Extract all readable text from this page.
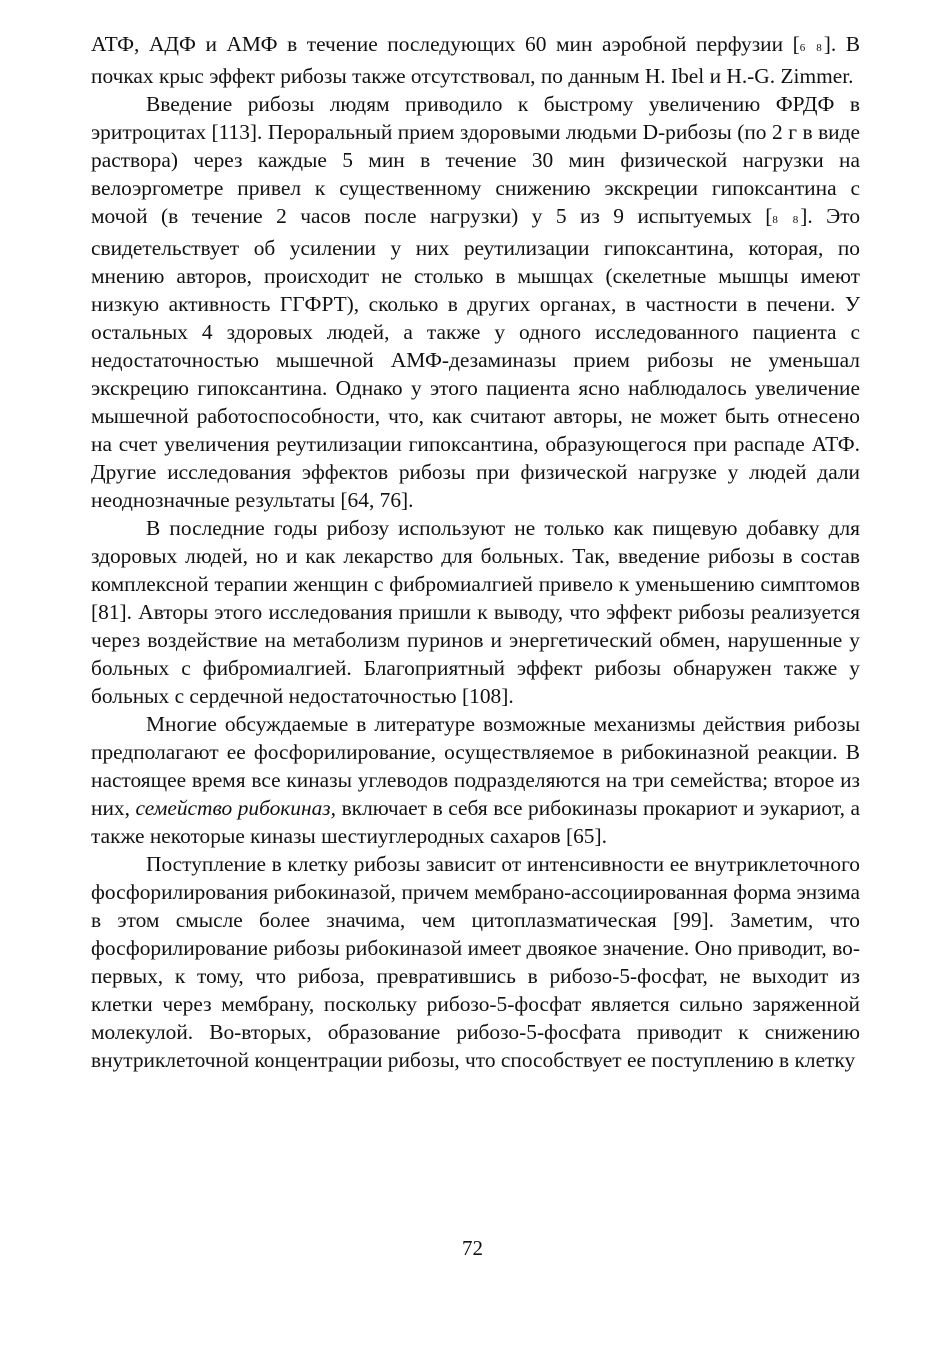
АТФ, АДФ и АМФ в течение последующих 60 мин аэробной перфузии [6 8]. В почках крыс эффект рибозы также отсутствовал, по данным H. Ibel и H.-G. Zimmer.

Введение рибозы людям приводило к быстрому увеличению ФРДФ в эритроцитах [113]. Пероральный прием здоровыми людьми D-рибозы (по 2 г в виде раствора) через каждые 5 мин в течение 30 мин физической нагрузки на велоэргометре привел к существенному снижению экскреции гипоксантина с мочой (в течение 2 часов после нагрузки) у 5 из 9 испытуемых [8 8]. Это свидетельствует об усилении у них реутилизации гипоксантина, которая, по мнению авторов, происходит не столько в мышцах (скелетные мышцы имеют низкую активность ГГФРТ), сколько в других органах, в частности в печени. У остальных 4 здоровых людей, а также у одного исследованного пациента с недостаточностью мышечной АМФ-дезаминазы прием рибозы не уменьшал экскрецию гипоксантина. Однако у этого пациента ясно наблюдалось увеличение мышечной работоспособности, что, как считают авторы, не может быть отнесено на счет увеличения реутилизации гипоксантина, образующегося при распаде АТФ. Другие исследования эффектов рибозы при физической нагрузке у людей дали неоднозначные результаты [64, 76].

В последние годы рибозу используют не только как пищевую добавку для здоровых людей, но и как лекарство для больных. Так, введение рибозы в состав комплексной терапии женщин с фибромиалгией привело к уменьшению симптомов [81]. Авторы этого исследования пришли к выводу, что эффект рибозы реализуется через воздействие на метаболизм пуринов и энергетический обмен, нарушенные у больных с фибромиалгией. Благоприятный эффект рибозы обнаружен также у больных с сердечной недостаточностью [108].

Многие обсуждаемые в литературе возможные механизмы действия рибозы предполагают ее фосфорилирование, осуществляемое в рибокиназной реакции. В настоящее время все киназы углеводов подразделяются на три семейства; второе из них, семейство рибокиназ, включает в себя все рибокиназы прокариот и эукариот, а также некоторые киназы шестиуглеродных сахаров [65].

Поступление в клетку рибозы зависит от интенсивности ее внутриклеточного фосфорилирования рибокиназой, причем мембрано-ассоциированная форма энзима в этом смысле более значима, чем цитоплазматическая [99]. Заметим, что фосфорилирование рибозы рибокиназой имеет двоякое значение. Оно приводит, во-первых, к тому, что рибоза, превратившись в рибозо-5-фосфат, не выходит из клетки через мембрану, поскольку рибозо-5-фосфат является сильно заряженной молекулой. Во-вторых, образование рибозо-5-фосфата приводит к снижению внутриклеточной концентрации рибозы, что способствует ее поступлению в клетку

72
